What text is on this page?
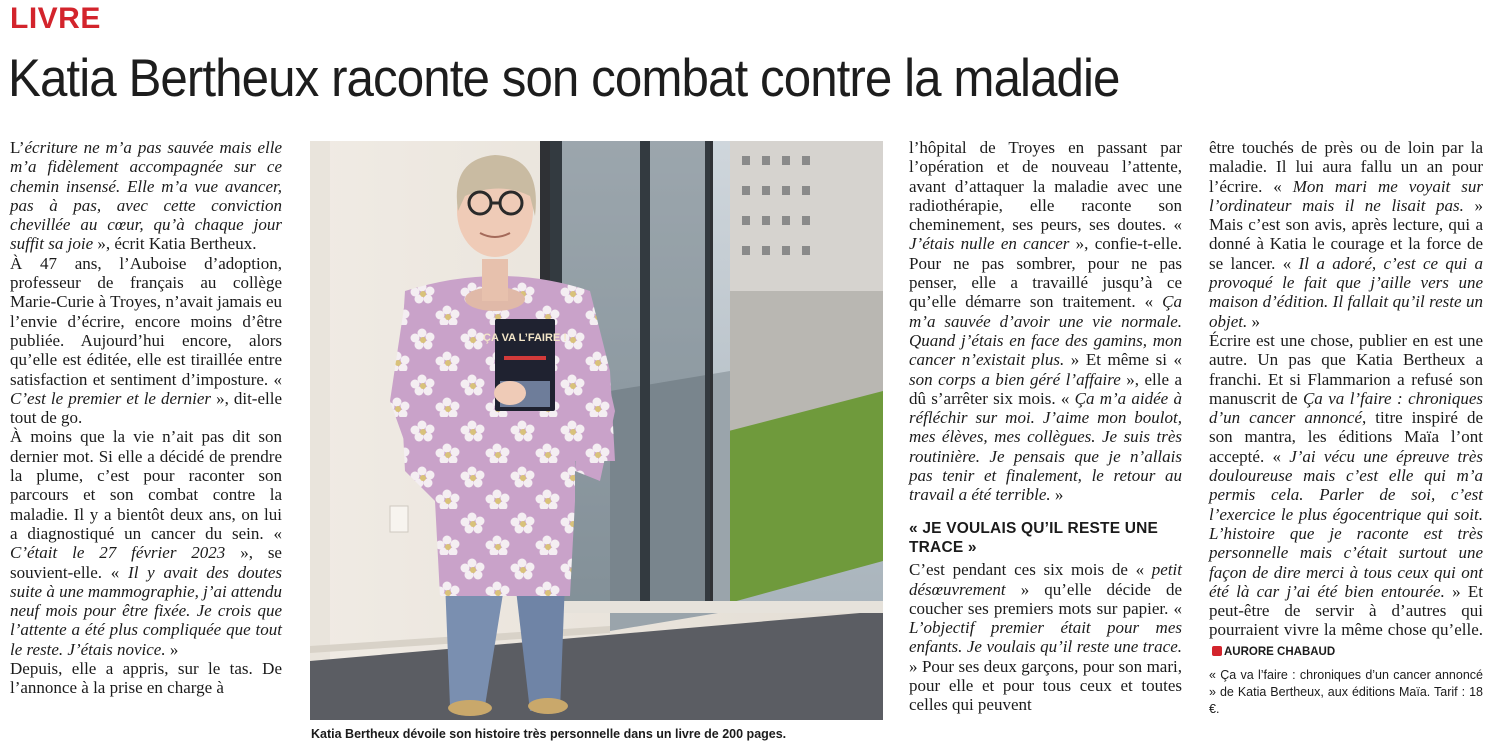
LIVRE
Katia Bertheux raconte son combat contre la maladie

L’écriture ne m’a pas sauvée mais elle m’a fidèlement accompagnée sur ce chemin insensé. Elle m’a vue avancer, pas à pas, avec cette conviction chevillée au cœur, qu’à chaque jour suffit sa joie », écrit Katia Bertheux.

À 47 ans, l’Auboise d’adoption, professeur de français au collège Marie-Curie à Troyes, n’avait jamais eu l’envie d’écrire, encore moins d’être publiée. Aujourd’hui encore, alors qu’elle est éditée, elle est tiraillée entre satisfaction et sentiment d’imposture. « C’est le premier et le dernier », dit-elle tout de go.

À moins que la vie n’ait pas dit son dernier mot. Si elle a décidé de prendre la plume, c’est pour raconter son parcours et son combat contre la maladie. Il y a bientôt deux ans, on lui a diagnostiqué un cancer du sein. « C’était le 27 février 2023 », se souvient-elle. « Il y avait des doutes suite à une mammographie, j’ai attendu neuf mois pour être fixée. Je crois que l’attente a été plus compliquée que tout le reste. J’étais novice. »

Depuis, elle a appris, sur le tas. De l’annonce à la prise en charge à

ÇA VA L’FAIRE !
Katia Bertheux dévoile son histoire très personnelle dans un livre de 200 pages.

l’hôpital de Troyes en passant par l’opération et de nouveau l’attente, avant d’attaquer la maladie avec une radiothérapie, elle raconte son cheminement, ses peurs, ses doutes. « J’étais nulle en cancer », confie-t-elle. Pour ne pas sombrer, pour ne pas penser, elle a travaillé jusqu’à ce qu’elle démarre son traitement. « Ça m’a sauvée d’avoir une vie normale. Quand j’étais en face des gamins, mon cancer n’existait plus. » Et même si « son corps a bien géré l’affaire », elle a dû s’arrêter six mois. « Ça m’a aidée à réfléchir sur moi. J’aime mon boulot, mes élèves, mes collègues. Je suis très routinière. Je pensais que je n’allais pas tenir et finalement, le retour au travail a été terrible. »

« JE VOULAIS QU’IL RESTE UNE TRACE »

C’est pendant ces six mois de « petit désœuvrement » qu’elle décide de coucher ses premiers mots sur papier. « L’objectif premier était pour mes enfants. Je voulais qu’il reste une trace. » Pour ses deux garçons, pour son mari, pour elle et pour tous ceux et toutes celles qui peuvent

être touchés de près ou de loin par la maladie. Il lui aura fallu un an pour l’écrire. « Mon mari me voyait sur l’ordinateur mais il ne lisait pas. » Mais c’est son avis, après lecture, qui a donné à Katia le courage et la force de se lancer. « Il a adoré, c’est ce qui a provoqué le fait que j’aille vers une maison d’édition. Il fallait qu’il reste un objet. »

Écrire est une chose, publier en est une autre. Un pas que Katia Bertheux a franchi. Et si Flammarion a refusé son manuscrit de Ça va l’faire : chroniques d’un cancer annoncé, titre inspiré de son mantra, les éditions Maïa l’ont accepté. « J’ai vécu une épreuve très douloureuse mais c’est elle qui m’a permis cela. Parler de soi, c’est l’exercice le plus égocentrique qui soit. L’histoire que je raconte est très personnelle mais c’était surtout une façon de dire merci à tous ceux qui ont été là car j’ai été bien entourée. » Et peut-être de servir à d’autres qui pourraient vivre la même chose qu’elle.AURORE CHABAUD

« Ça va l’faire : chroniques d’un cancer annoncé » de Katia Bertheux, aux éditions Maïa. Tarif : 18 €.
